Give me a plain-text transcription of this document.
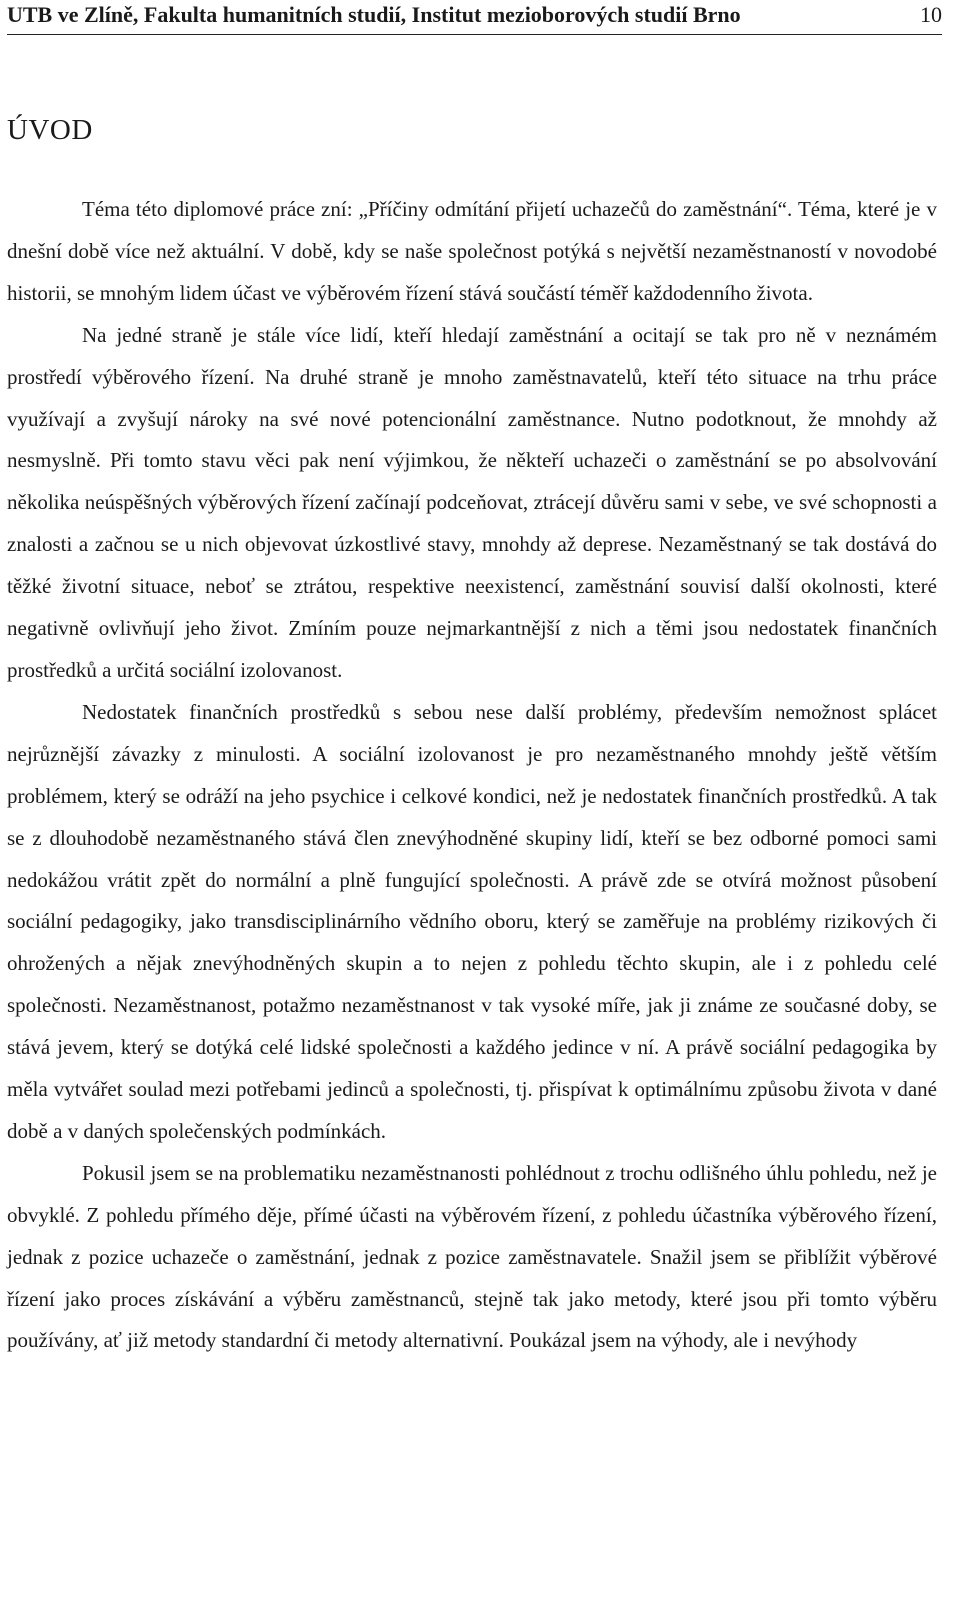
UTB ve Zlíně, Fakulta humanitních studií, Institut mezioborových studií Brno	10
ÚVOD

Téma této diplomové práce zní: „Příčiny odmítání přijetí uchazečů do zaměstnání“. Téma, které je v dnešní době více než aktuální. V době, kdy se naše společnost potýká s největší nezaměstnaností v novodobé historii, se mnohým lidem účast ve výběrovém řízení stává součástí téměř každodenního života.

Na jedné straně je stále více lidí, kteří hledají zaměstnání a ocitají se tak pro ně v neznámém prostředí výběrového řízení. Na druhé straně je mnoho zaměstnavatelů, kteří této situace na trhu práce využívají a zvyšují nároky na své nové potencionální zaměstnance. Nutno podotknout, že mnohdy až nesmyslně. Při tomto stavu věci pak není výjimkou, že někteří uchazeči o zaměstnání se po absolvování několika neúspěšných výběrových řízení začínají podceňovat, ztrácejí důvěru sami v sebe, ve své schopnosti a znalosti a začnou se u nich objevovat úzkostlivé stavy, mnohdy až deprese. Nezaměstnaný se tak dostává do těžké životní situace, neboť se ztrátou, respektive neexistencí, zaměstnání souvisí další okolnosti, které negativně ovlivňují jeho život. Zmíním pouze nejmarkantnější z nich a těmi jsou nedostatek finančních prostředků a určitá sociální izolovanost.

Nedostatek finančních prostředků s sebou nese další problémy, především nemožnost splácet nejrůznější závazky z minulosti. A sociální izolovanost je pro nezaměstnaného mnohdy ještě větším problémem, který se odráží na jeho psychice i celkové kondici, než je nedostatek finančních prostředků. A tak se z dlouhodobě nezaměstnaného stává člen znevýhodněné skupiny lidí, kteří se bez odborné pomoci sami nedokážou vrátit zpět do normální a plně fungující společnosti. A právě zde se otvírá možnost působení sociální pedagogiky, jako transdisciplinárního vědního oboru, který se zaměřuje na problémy rizikových či ohrožených a nějak znevýhodněných skupin a to nejen z pohledu těchto skupin, ale i z pohledu celé společnosti. Nezaměstnanost, potažmo nezaměstnanost v tak vysoké míře, jak ji známe ze současné doby, se stává jevem, který se dotýká celé lidské společnosti a každého jedince v ní. A právě sociální pedagogika by měla vytvářet soulad mezi potřebami jedinců a společnosti, tj. přispívat k optimálnímu způsobu života v dané době a v daných společenských podmínkách.

Pokusil jsem se na problematiku nezaměstnanosti pohlédnout z trochu odlišného úhlu pohledu, než je obvyklé. Z pohledu přímého děje, přímé účasti na výběrovém řízení, z pohledu účastníka výběrového řízení, jednak z pozice uchazeče o zaměstnání, jednak z pozice zaměstnavatele. Snažil jsem se přiblížit výběrové řízení jako proces získávání a výběru zaměstnanců, stejně tak jako metody, které jsou při tomto výběru používány, ať již metody standardní či metody alternativní. Poukázal jsem na výhody, ale i nevýhody
